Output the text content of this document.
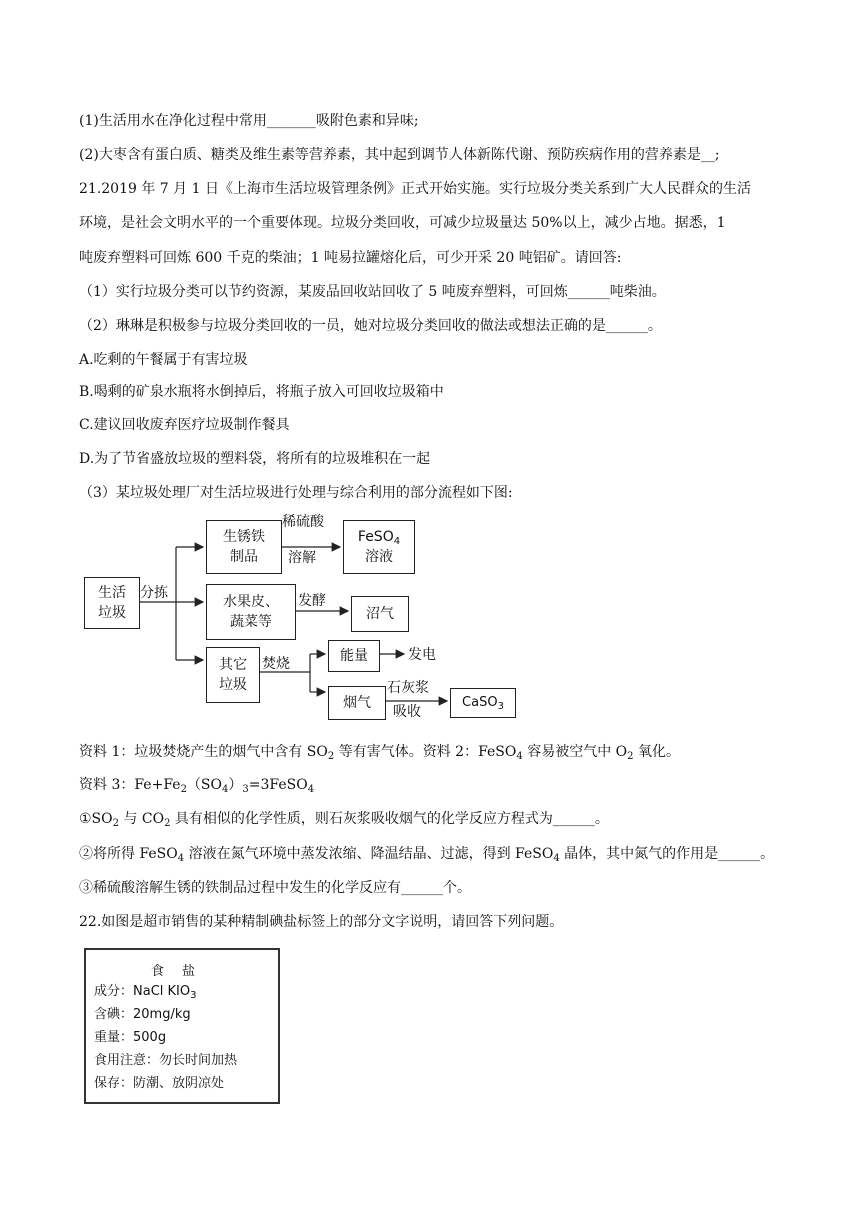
(1)生活用水在净化过程中常用_______吸附色素和异味;
(2)大枣含有蛋白质、糖类及维生素等营养素，其中起到调节人体新陈代谢、预防疾病作用的营养素是__;
21.2019 年 7 月 1 日《上海市生活垃圾管理条例》正式开始实施。实行垃圾分类关系到广大人民群众的生活
环境，是社会文明水平的一个重要体现。垃圾分类回收，可减少垃圾量达 50%以上，减少占地。据悉，1
吨废弃塑料可回炼 600 千克的柴油；1 吨易拉罐熔化后，可少开采 20 吨铝矿。请回答:
（1）实行垃圾分类可以节约资源，某废品回收站回收了 5 吨废弃塑料，可回炼______吨柴油。
（2）琳琳是积极参与垃圾分类回收的一员，她对垃圾分类回收的做法或想法正确的是______。
A.吃剩的午餐属于有害垃圾
B.喝剩的矿泉水瓶将水倒掉后，将瓶子放入可回收垃圾箱中
C.建议回收废弃医疗垃圾制作餐具
D.为了节省盛放垃圾的塑料袋，将所有的垃圾堆积在一起
（3）某垃圾处理厂对生活垃圾进行处理与综合利用的部分流程如下图:
生活
垃圾
分拣
生锈铁
制品
稀硫酸
溶解
FeSO$_4$
溶液
水果皮、
蔬菜等
发酵
沼气
其它
垃圾
焚烧	能量	发电
烟气
石灰浆
吸收
CaSO$_3$
资料 1：垃圾焚烧产生的烟气中含有 $SO_2$ 等有害气体。资料 2：FeSO$_4$ 容易被空气中 $O_2$ 氧化。
资料 3：$Fe+Fe_2(SO_4)_3=3FeSO_4$
$①SO_2$ 与 $CO_2$ 具有相似的化学性质，则石灰浆吸收烟气的化学反应方程式为______。
②将所得 FeSO$_4$ 溶液在氮气环境中蒸发浓缩、降温结晶、过滤，得到 FeSO$_4$ 晶体，其中氮气的作用是______。
③稀硫酸溶解生锈的铁制品过程中发生的化学反应有______个。
22.如图是超市销售的某种精制碘盐标签上的部分文字说明，请回答下列问题。
食盐
成分：NaCl $KIO_3$
含碘：20mg/kg
重量：500g
食用注意：勿长时间加热
保存：防潮、放阴凉处
